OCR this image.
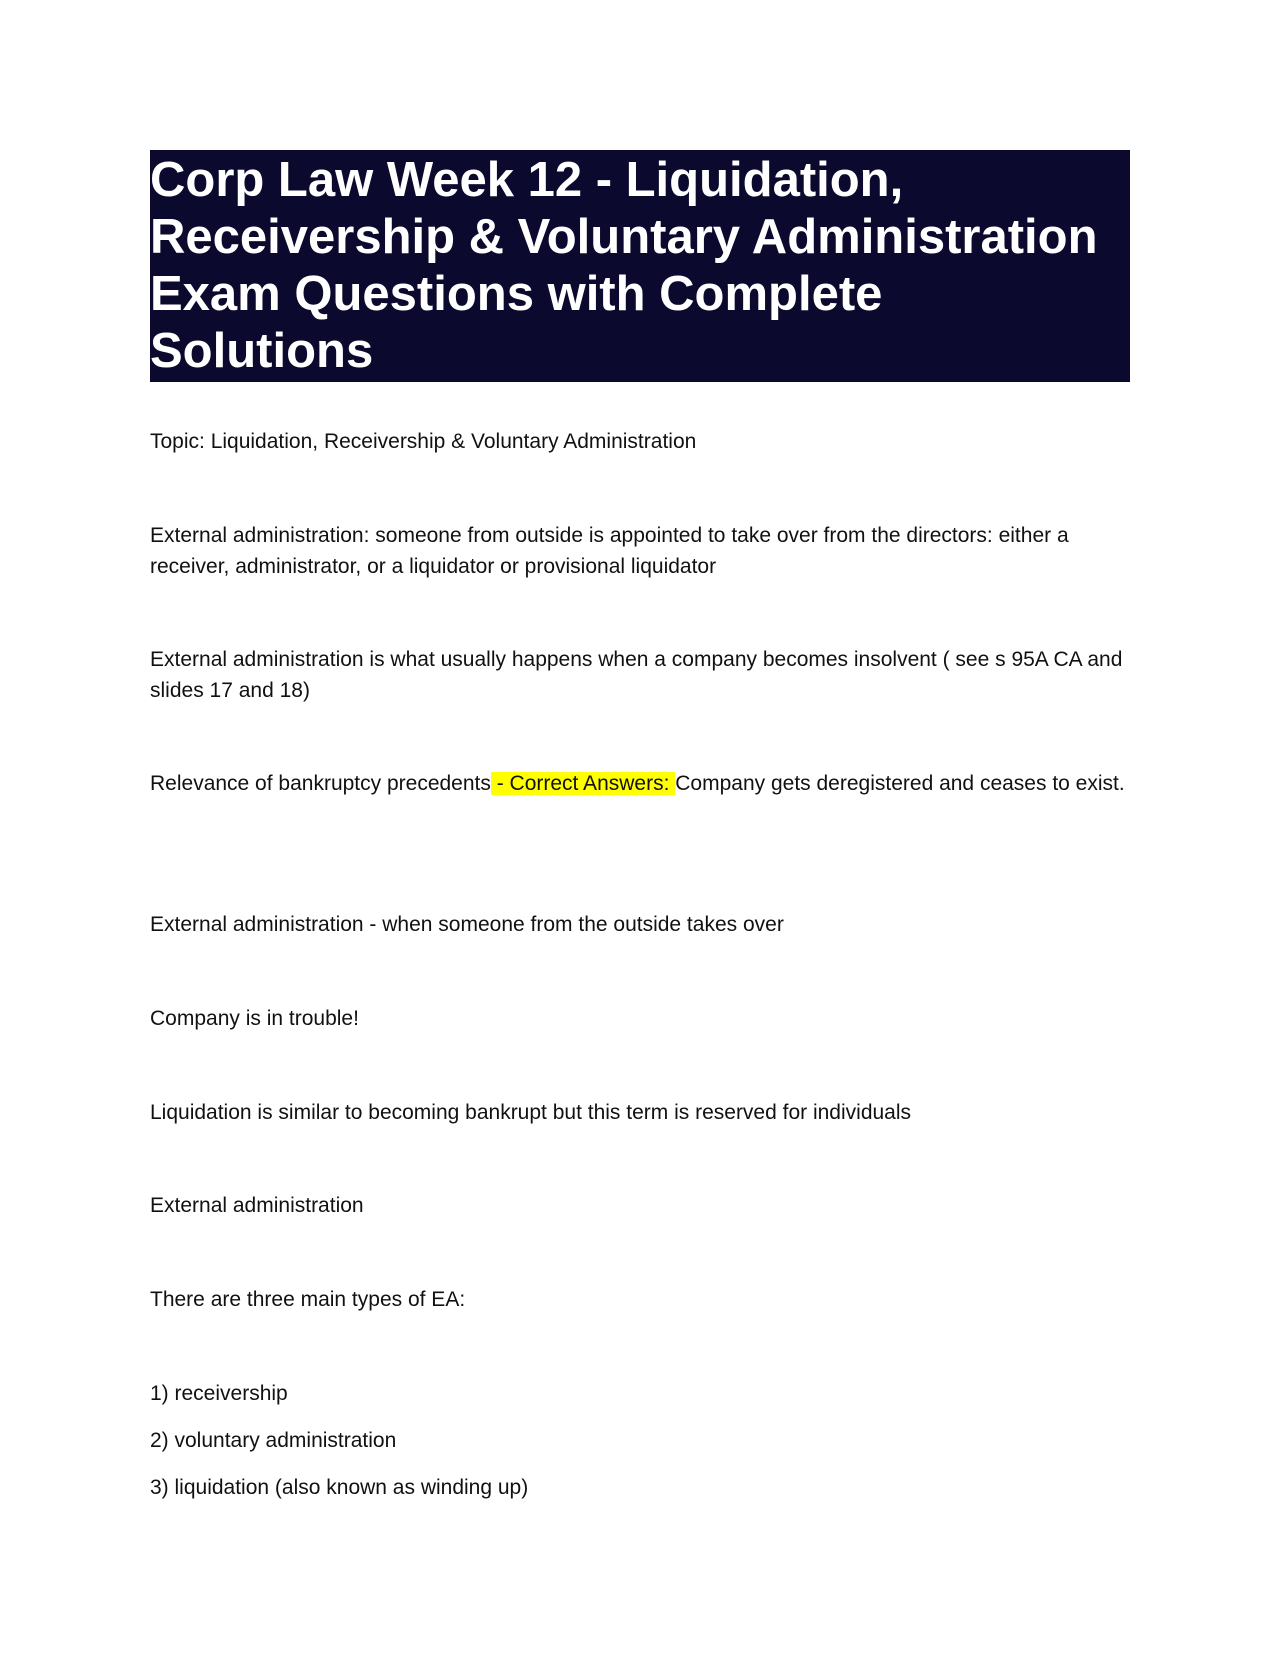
Corp Law Week 12 - Liquidation,
Receivership & Voluntary Administration
Exam Questions with Complete
Solutions
Topic: Liquidation, Receivership & Voluntary Administration
External administration: someone from outside is appointed to take over from the directors: either a
receiver, administrator, or a liquidator or provisional liquidator
External administration is what usually happens when a company becomes insolvent ( see s 95A CA and
slides 17 and 18)
Relevance of bankruptcy precedents - Correct Answers: Company gets deregistered and ceases to exist.
External administration - when someone from the outside takes over
Company is in trouble!
Liquidation is similar to becoming bankrupt but this term is reserved for individuals
External administration
There are three main types of EA:
1) receivership
2) voluntary administration
3) liquidation (also known as winding up)
